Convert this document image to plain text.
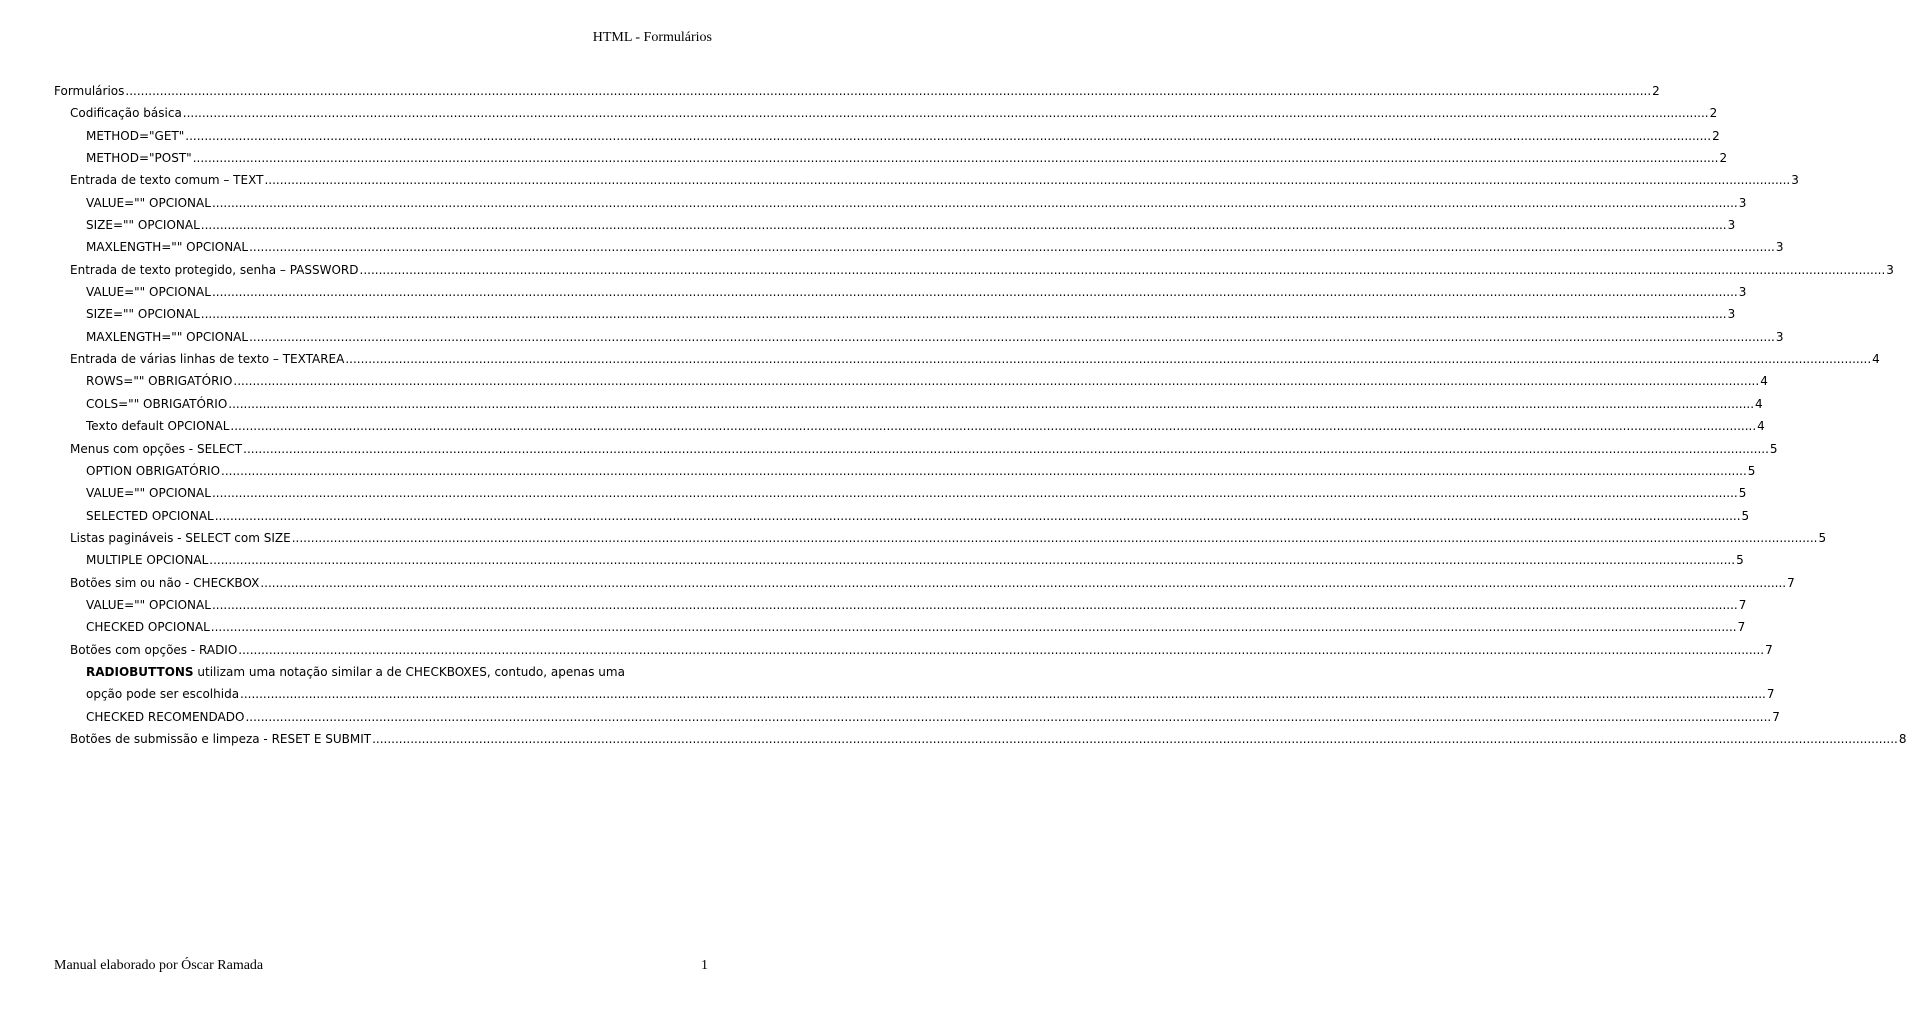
HTML - Formulários
Formulários ................................................................................................................................................................................................................................................................................................................................................................................................................ 2
Codificação básica ................................................................................................................................................................................................................................................................................................................................................................................................................ 2
METHOD="GET" ................................................................................................................................................................................................................................................................................................................................................................................................................ 2
METHOD="POST" ................................................................................................................................................................................................................................................................................................................................................................................................................ 2
Entrada de texto comum – TEXT ................................................................................................................................................................................................................................................................................................................................................................................................................ 3
VALUE="" OPCIONAL ................................................................................................................................................................................................................................................................................................................................................................................................................ 3
SIZE="" OPCIONAL ................................................................................................................................................................................................................................................................................................................................................................................................................ 3
MAXLENGTH="" OPCIONAL ................................................................................................................................................................................................................................................................................................................................................................................................................ 3
Entrada de texto protegido, senha – PASSWORD ................................................................................................................................................................................................................................................................................................................................................................................................................ 3
VALUE="" OPCIONAL ................................................................................................................................................................................................................................................................................................................................................................................................................ 3
SIZE="" OPCIONAL ................................................................................................................................................................................................................................................................................................................................................................................................................ 3
MAXLENGTH="" OPCIONAL ................................................................................................................................................................................................................................................................................................................................................................................................................ 3
Entrada de várias linhas de texto – TEXTAREA ................................................................................................................................................................................................................................................................................................................................................................................................................ 4
ROWS="" OBRIGATÓRIO ................................................................................................................................................................................................................................................................................................................................................................................................................ 4
COLS="" OBRIGATÓRIO ................................................................................................................................................................................................................................................................................................................................................................................................................ 4
Texto default OPCIONAL ................................................................................................................................................................................................................................................................................................................................................................................................................ 4
Menus com opções - SELECT ................................................................................................................................................................................................................................................................................................................................................................................................................ 5
OPTION OBRIGATÓRIO ................................................................................................................................................................................................................................................................................................................................................................................................................ 5
VALUE="" OPCIONAL ................................................................................................................................................................................................................................................................................................................................................................................................................ 5
SELECTED OPCIONAL ................................................................................................................................................................................................................................................................................................................................................................................................................ 5
Listas pagináveis - SELECT com SIZE ................................................................................................................................................................................................................................................................................................................................................................................................................ 5
MULTIPLE OPCIONAL ................................................................................................................................................................................................................................................................................................................................................................................................................ 5
Botões sim ou não - CHECKBOX ................................................................................................................................................................................................................................................................................................................................................................................................................ 7
VALUE="" OPCIONAL ................................................................................................................................................................................................................................................................................................................................................................................................................ 7
CHECKED OPCIONAL ................................................................................................................................................................................................................................................................................................................................................................................................................ 7
Botões com opções - RADIO ................................................................................................................................................................................................................................................................................................................................................................................................................ 7
RADIOBUTTONS utilizam uma notação similar a de CHECKBOXES, contudo, apenas uma
opção pode ser escolhida ................................................................................................................................................................................................................................................................................................................................................................................................................ 7
CHECKED RECOMENDADO ................................................................................................................................................................................................................................................................................................................................................................................................................ 7
Botões de submissão e limpeza - RESET E SUBMIT ................................................................................................................................................................................................................................................................................................................................................................................................................ 8
Manual elaborado por Óscar Ramada	1
